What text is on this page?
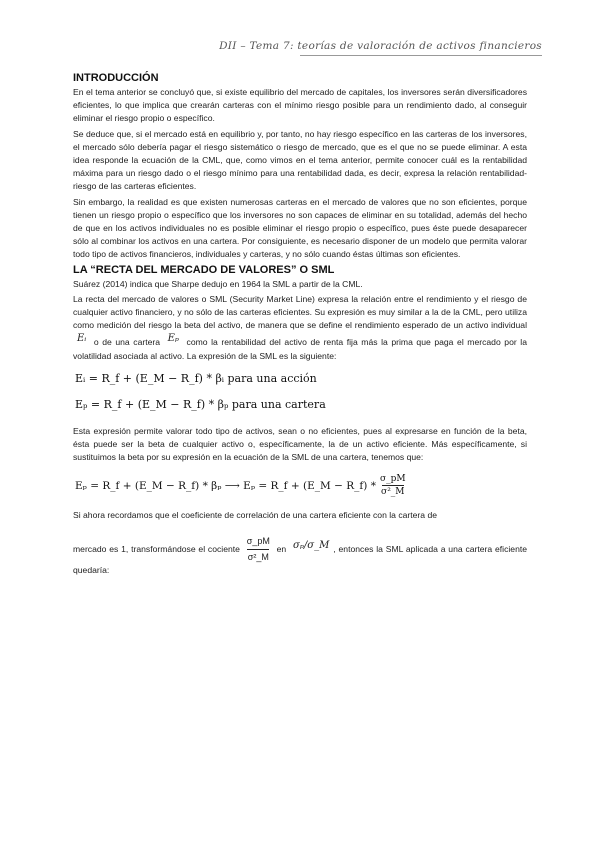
DII – Tema 7: teorías de valoración de activos financieros
INTRODUCCIÓN

En el tema anterior se concluyó que, si existe equilibrio del mercado de capitales, los inversores serán diversificadores eficientes, lo que implica que crearán carteras con el mínimo riesgo posible para un rendimiento dado, al conseguir eliminar el riesgo propio o específico.

Se deduce que, si el mercado está en equilibrio y, por tanto, no hay riesgo específico en las carteras de los inversores, el mercado sólo debería pagar el riesgo sistemático o riesgo de mercado, que es el que no se puede eliminar. A esta idea responde la ecuación de la CML, que, como vimos en el tema anterior, permite conocer cuál es la rentabilidad máxima para un riesgo dado o el riesgo mínimo para una rentabilidad dada, es decir, expresa la relación rentabilidad-riesgo de las carteras eficientes.

Sin embargo, la realidad es que existen numerosas carteras en el mercado de valores que no son eficientes, porque tienen un riesgo propio o específico que los inversores no son capaces de eliminar en su totalidad, además del hecho de que en los activos individuales no es posible eliminar el riesgo propio o específico, pues éste puede desaparecer sólo al combinar los activos en una cartera. Por consiguiente, es necesario disponer de un modelo que permita valorar todo tipo de activos financieros, individuales y carteras, y no sólo cuando éstas últimas son eficientes.

LA “RECTA DEL MERCADO DE VALORES” O SML

Suárez (2014) indica que Sharpe dedujo en 1964 la SML a partir de la CML.

La recta del mercado de valores o SML (Security Market Line) expresa la relación entre el rendimiento y el riesgo de cualquier activo financiero, y no sólo de las carteras eficientes. Su expresión es muy similar a la de la CML, pero utiliza como medición del riesgo la beta del activo, de manera que se define el rendimiento esperado de un activo individual Eᵢ o de una cartera Eₚ como la rentabilidad del activo de renta fija más la prima que paga el mercado por la volatilidad asociada al activo. La expresión de la SML es la siguiente:

Eᵢ = R_f + (E_M − R_f) * βᵢ para una acción
Eₚ = R_f + (E_M − R_f) * βₚ para una cartera

Esta expresión permite valorar todo tipo de activos, sean o no eficientes, pues al expresarse en función de la beta, ésta puede ser la beta de cualquier activo o, específicamente, la de un activo eficiente. Más específicamente, si sustituimos la beta por su expresión en la ecuación de la SML de una cartera, tenemos que:

Eₚ = R_f + (E_M − R_f) * βₚ ⟶ Eₚ = R_f + (E_M − R_f) * $\frac{\sigma\_pM}{\text{σ²\_M}}$

Si ahora recordamos que el coeficiente de correlación de una cartera eficiente con la cartera de

mercado es 1, transformándose el cociente $\frac{\sigma\_pM}{\text{σ²\_M}}$ en σₚ/σ_M , entonces la SML aplicada a una cartera eficiente quedaría:
